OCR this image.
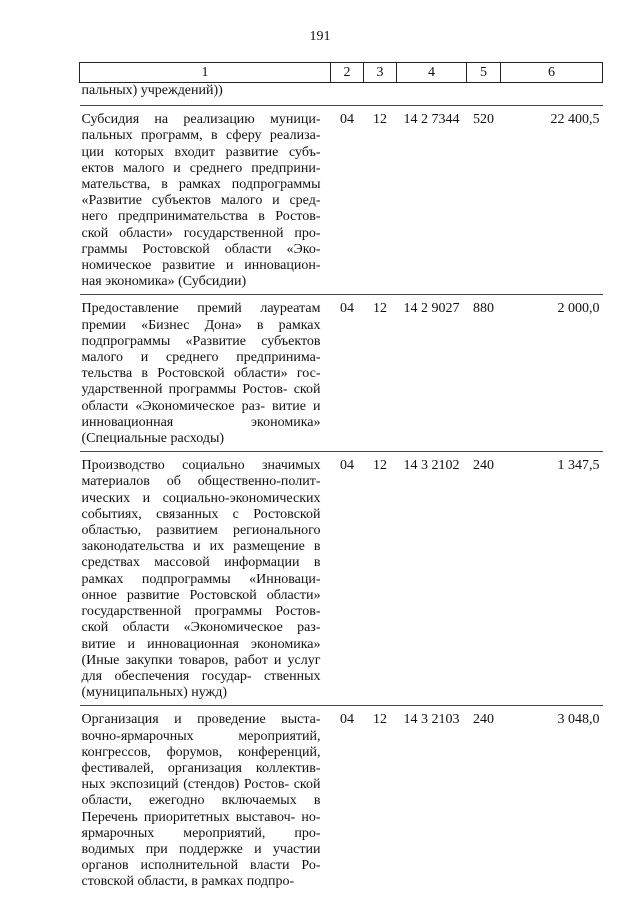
191
1	2	3	4	5	6
пальных) учреждений))					
Субсидия на реализацию муници- пальных программ, в сферу реализа- ции которых входит развитие субъ- ектов малого и среднего предприни- мательства, в рамках подпрограммы «Развитие субъектов малого и сред- него предпринимательства в Ростов- ской области» государственной про- граммы Ростовской области «Эко- номическое развитие и инновацион- ная экономика» (Субсидии)	04	12	14 2 7344	520	22 400,5
Предоставление премий лауреатам премии «Бизнес Дона» в рамках подпрограммы «Развитие субъектов малого и среднего предпринима- тельства в Ростовской области» гос- ударственной программы Ростов- ской области «Экономическое раз- витие и инновационная экономика» (Специальные расходы)	04	12	14 2 9027	880	2 000,0
Производство социально значимых материалов об общественно-полит- ических и социально-экономических событиях, связанных с Ростовской областью, развитием регионального законодательства и их размещение в средствах массовой информации в рамках подпрограммы «Инноваци- онное развитие Ростовской области» государственной программы Ростов- ской области «Экономическое раз- витие и инновационная экономика» (Иные закупки товаров, работ и услуг для обеспечения государ- ственных (муниципальных) нужд)	04	12	14 3 2102	240	1 347,5
Организация и проведение выста- вочно-ярмарочных мероприятий, конгрессов, форумов, конференций, фестивалей, организация коллектив- ных экспозиций (стендов) Ростов- ской области, ежегодно включаемых в Перечень приоритетных выставоч- но-ярмарочных мероприятий, про- водимых при поддержке и участии органов исполнительной власти Ро- стовской области, в рамках подпро-	04	12	14 3 2103	240	3 048,0
